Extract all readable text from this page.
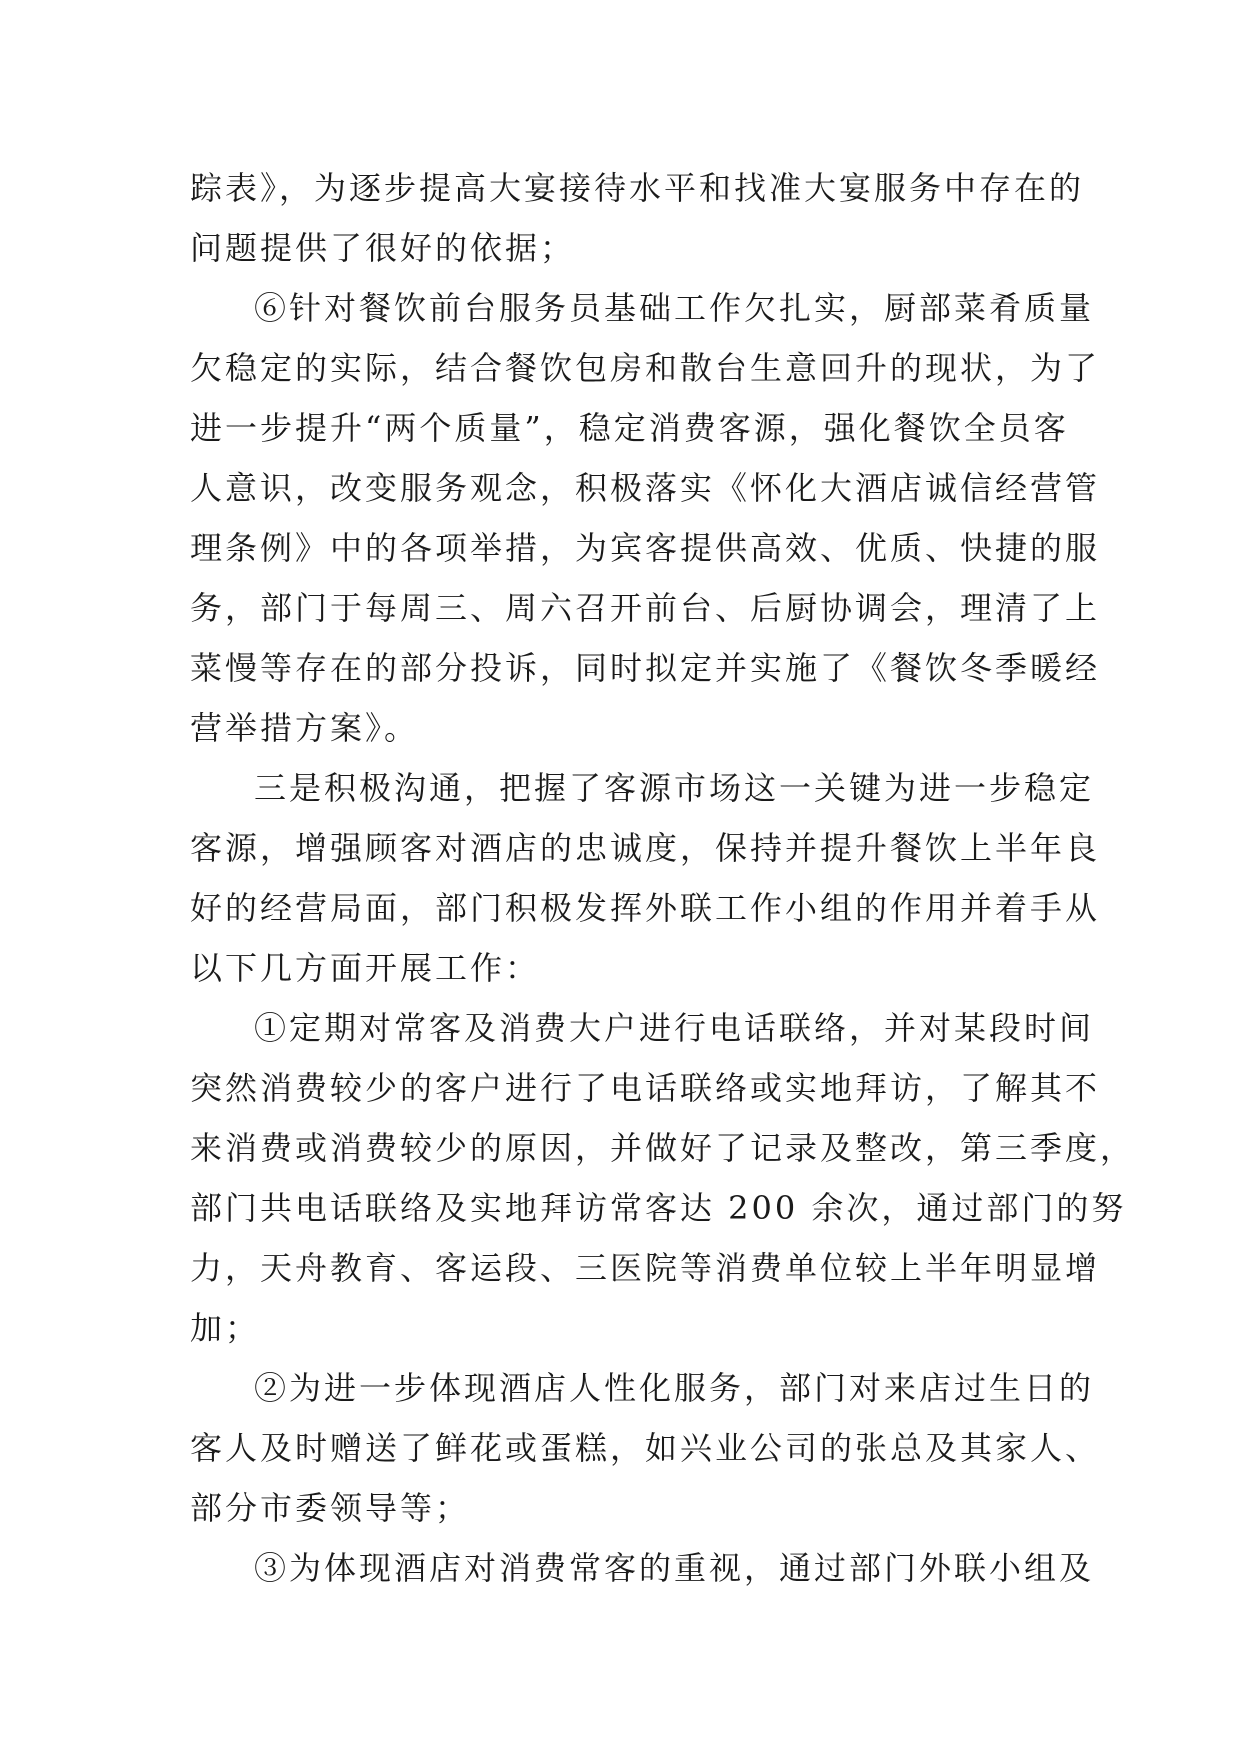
踪表》，为逐步提高大宴接待水平和找准大宴服务中存在的
问题提供了很好的依据；
⑥针对餐饮前台服务员基础工作欠扎实，厨部菜肴质量
欠稳定的实际，结合餐饮包房和散台生意回升的现状，为了
进一步提升“两个质量”，稳定消费客源，强化餐饮全员客
人意识，改变服务观念，积极落实《怀化大酒店诚信经营管
理条例》中的各项举措，为宾客提供高效、优质、快捷的服
务，部门于每周三、周六召开前台、后厨协调会，理清了上
菜慢等存在的部分投诉，同时拟定并实施了《餐饮冬季暖经
营举措方案》。
三是积极沟通，把握了客源市场这一关键为进一步稳定
客源，增强顾客对酒店的忠诚度，保持并提升餐饮上半年良
好的经营局面，部门积极发挥外联工作小组的作用并着手从
以下几方面开展工作：
①定期对常客及消费大户进行电话联络，并对某段时间
突然消费较少的客户进行了电话联络或实地拜访，了解其不
来消费或消费较少的原因，并做好了记录及整改，第三季度，
部门共电话联络及实地拜访常客达 200 余次，通过部门的努
力，天舟教育、客运段、三医院等消费单位较上半年明显增
加；
②为进一步体现酒店人性化服务，部门对来店过生日的
客人及时赠送了鲜花或蛋糕，如兴业公司的张总及其家人、
部分市委领导等；
③为体现酒店对消费常客的重视，通过部门外联小组及
